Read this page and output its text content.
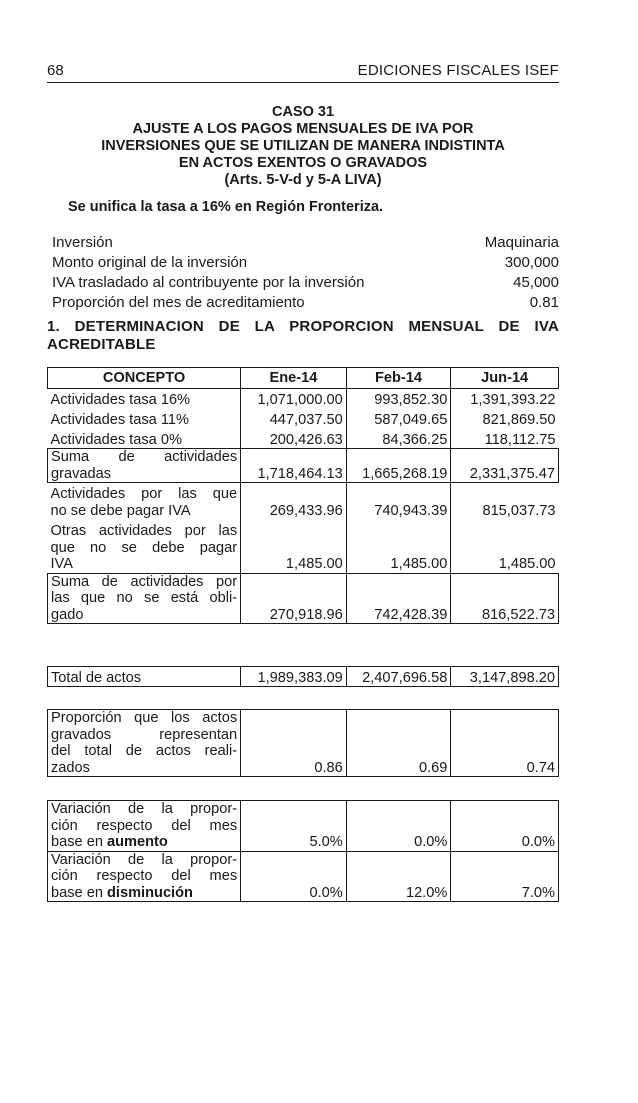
68	EDICIONES FISCALES ISEF
CASO 31
AJUSTE A LOS PAGOS MENSUALES DE IVA POR
INVERSIONES QUE SE UTILIZAN DE MANERA INDISTINTA
EN ACTOS EXENTOS O GRAVADOS
(Arts. 5-V-d y 5-A LIVA)
Se unifica la tasa a 16% en Región Fronteriza.
Inversión	Maquinaria
Monto original de la inversión	300,000
IVA trasladado al contribuyente por la inversión	45,000
Proporción del mes de acreditamiento	0.81
1. DETERMINACION DE LA PROPORCION MENSUAL DE IVA ACREDITABLE
CONCEPTO	Ene-14	Feb-14	Jun-14
Actividades tasa 16%	1,071,000.00	993,852.30	1,391,393.22
Actividades tasa 11%	447,037.50	587,049.65	821,869.50
Actividades tasa 0%	200,426.63	84,366.25	118,112.75

Suma de actividades
gravadas	1,718,464.13	1,665,268.19	2,331,375.47

Actividades por las que
no se debe pagar IVA	269,433.96	740,943.39	815,037.73

Otras actividades por las
que no se debe pagar
IVA	1,485.00	1,485.00	1,485.00

Suma de actividades por
las que no se está obli-
gado	270,918.96	742,428.39	816,522.73
Total de actos	1,989,383.09	2,407,696.58	3,147,898.20
Proporción que los actos
gravados representan
del total de actos reali-
zados	0.86	0.69	0.74
Variación de la propor-
ción respecto del mes
base en aumento	5.0%	0.0%	0.0%

Variación de la propor-
ción respecto del mes
base en disminución	0.0%	12.0%	7.0%
